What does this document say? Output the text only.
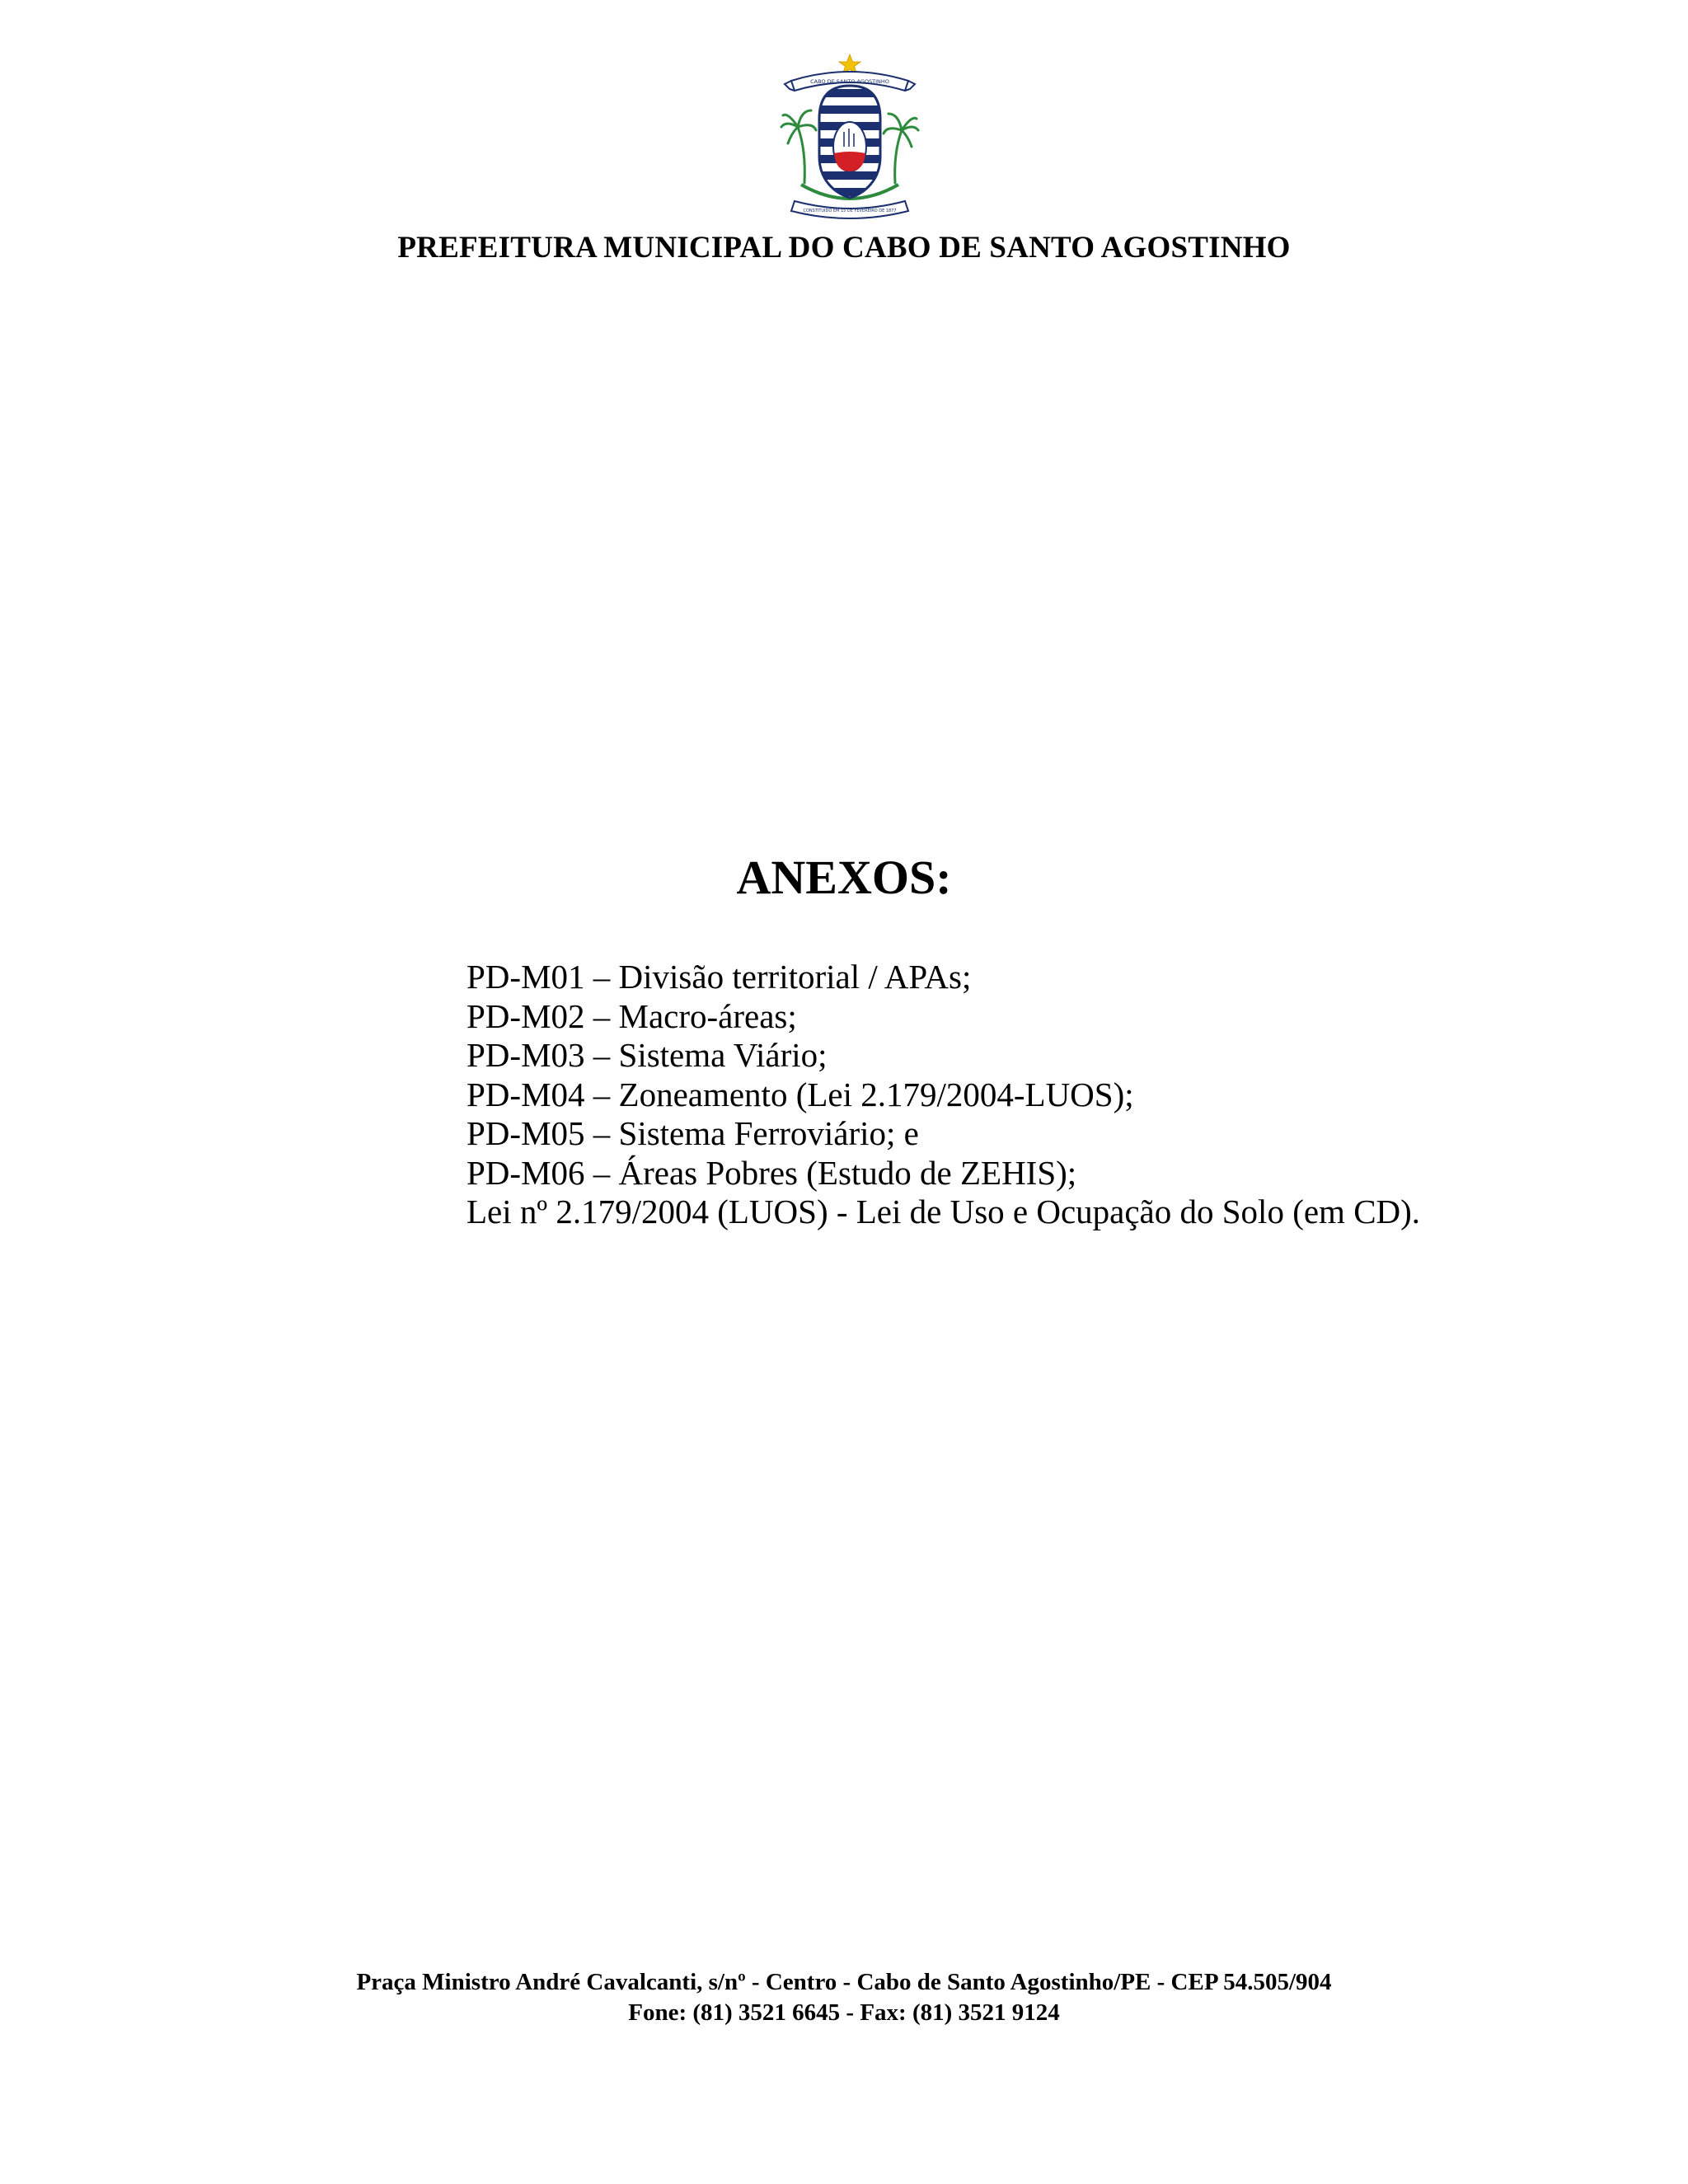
CABO DE SANTO AGOSTINHO
CONSTITUIDO EM 15 DE FEVEREIRO DE 1877
PREFEITURA MUNICIPAL DO CABO DE SANTO AGOSTINHO
ANEXOS:
PD-M01 – Divisão territorial / APAs;
PD-M02 – Macro-áreas;
PD-M03 – Sistema Viário;
PD-M04 – Zoneamento (Lei 2.179/2004-LUOS);
PD-M05 – Sistema Ferroviário; e
PD-M06 – Áreas Pobres (Estudo de ZEHIS);
Lei nº 2.179/2004 (LUOS) - Lei de Uso e Ocupação do Solo (em CD).
Praça Ministro André Cavalcanti, s/nº - Centro - Cabo de Santo Agostinho/PE - CEP 54.505/904
Fone: (81) 3521 6645 - Fax: (81) 3521 9124
